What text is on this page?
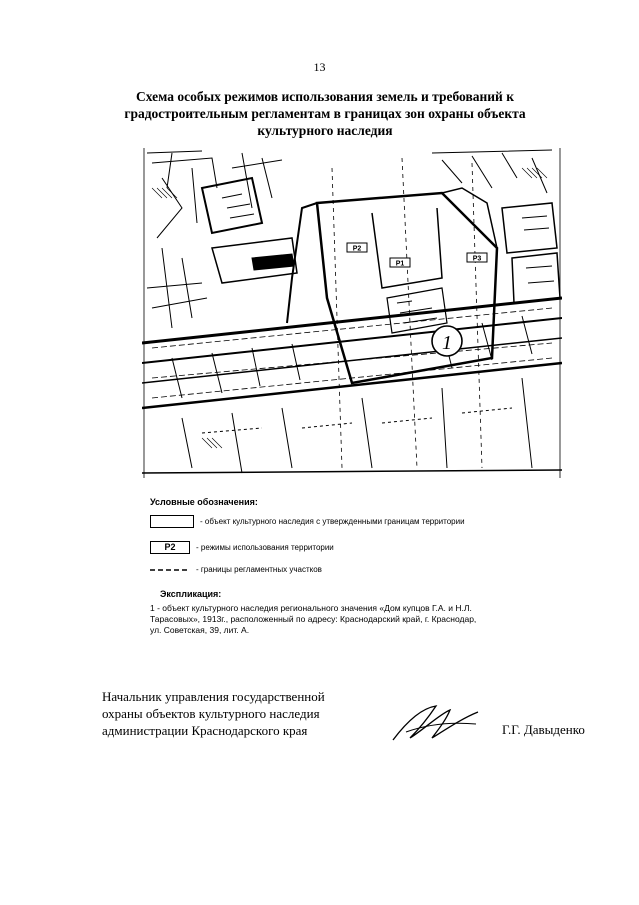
13
Схема особых режимов использования земель и требований к
градостроительным регламентам в границах зон охраны объекта
культурного наследия
Р2
Р1
Р3
1
Условные обозначения:
- объект культурного наследия с утвержденными границам территории
Р2	- режимы использования территории
- границы регламентных участков
Экспликация:
1 - объект культурного наследия регионального значения «Дом купцов Г.А. и Н.Л. Тарасовых», 1913г., расположенный по адресу: Краснодарский край, г. Краснодар, ул. Советская, 39, лит. А.
Начальник управления государственной
охраны объектов культурного наследия
администрации Краснодарского края	Г.Г. Давыденко
